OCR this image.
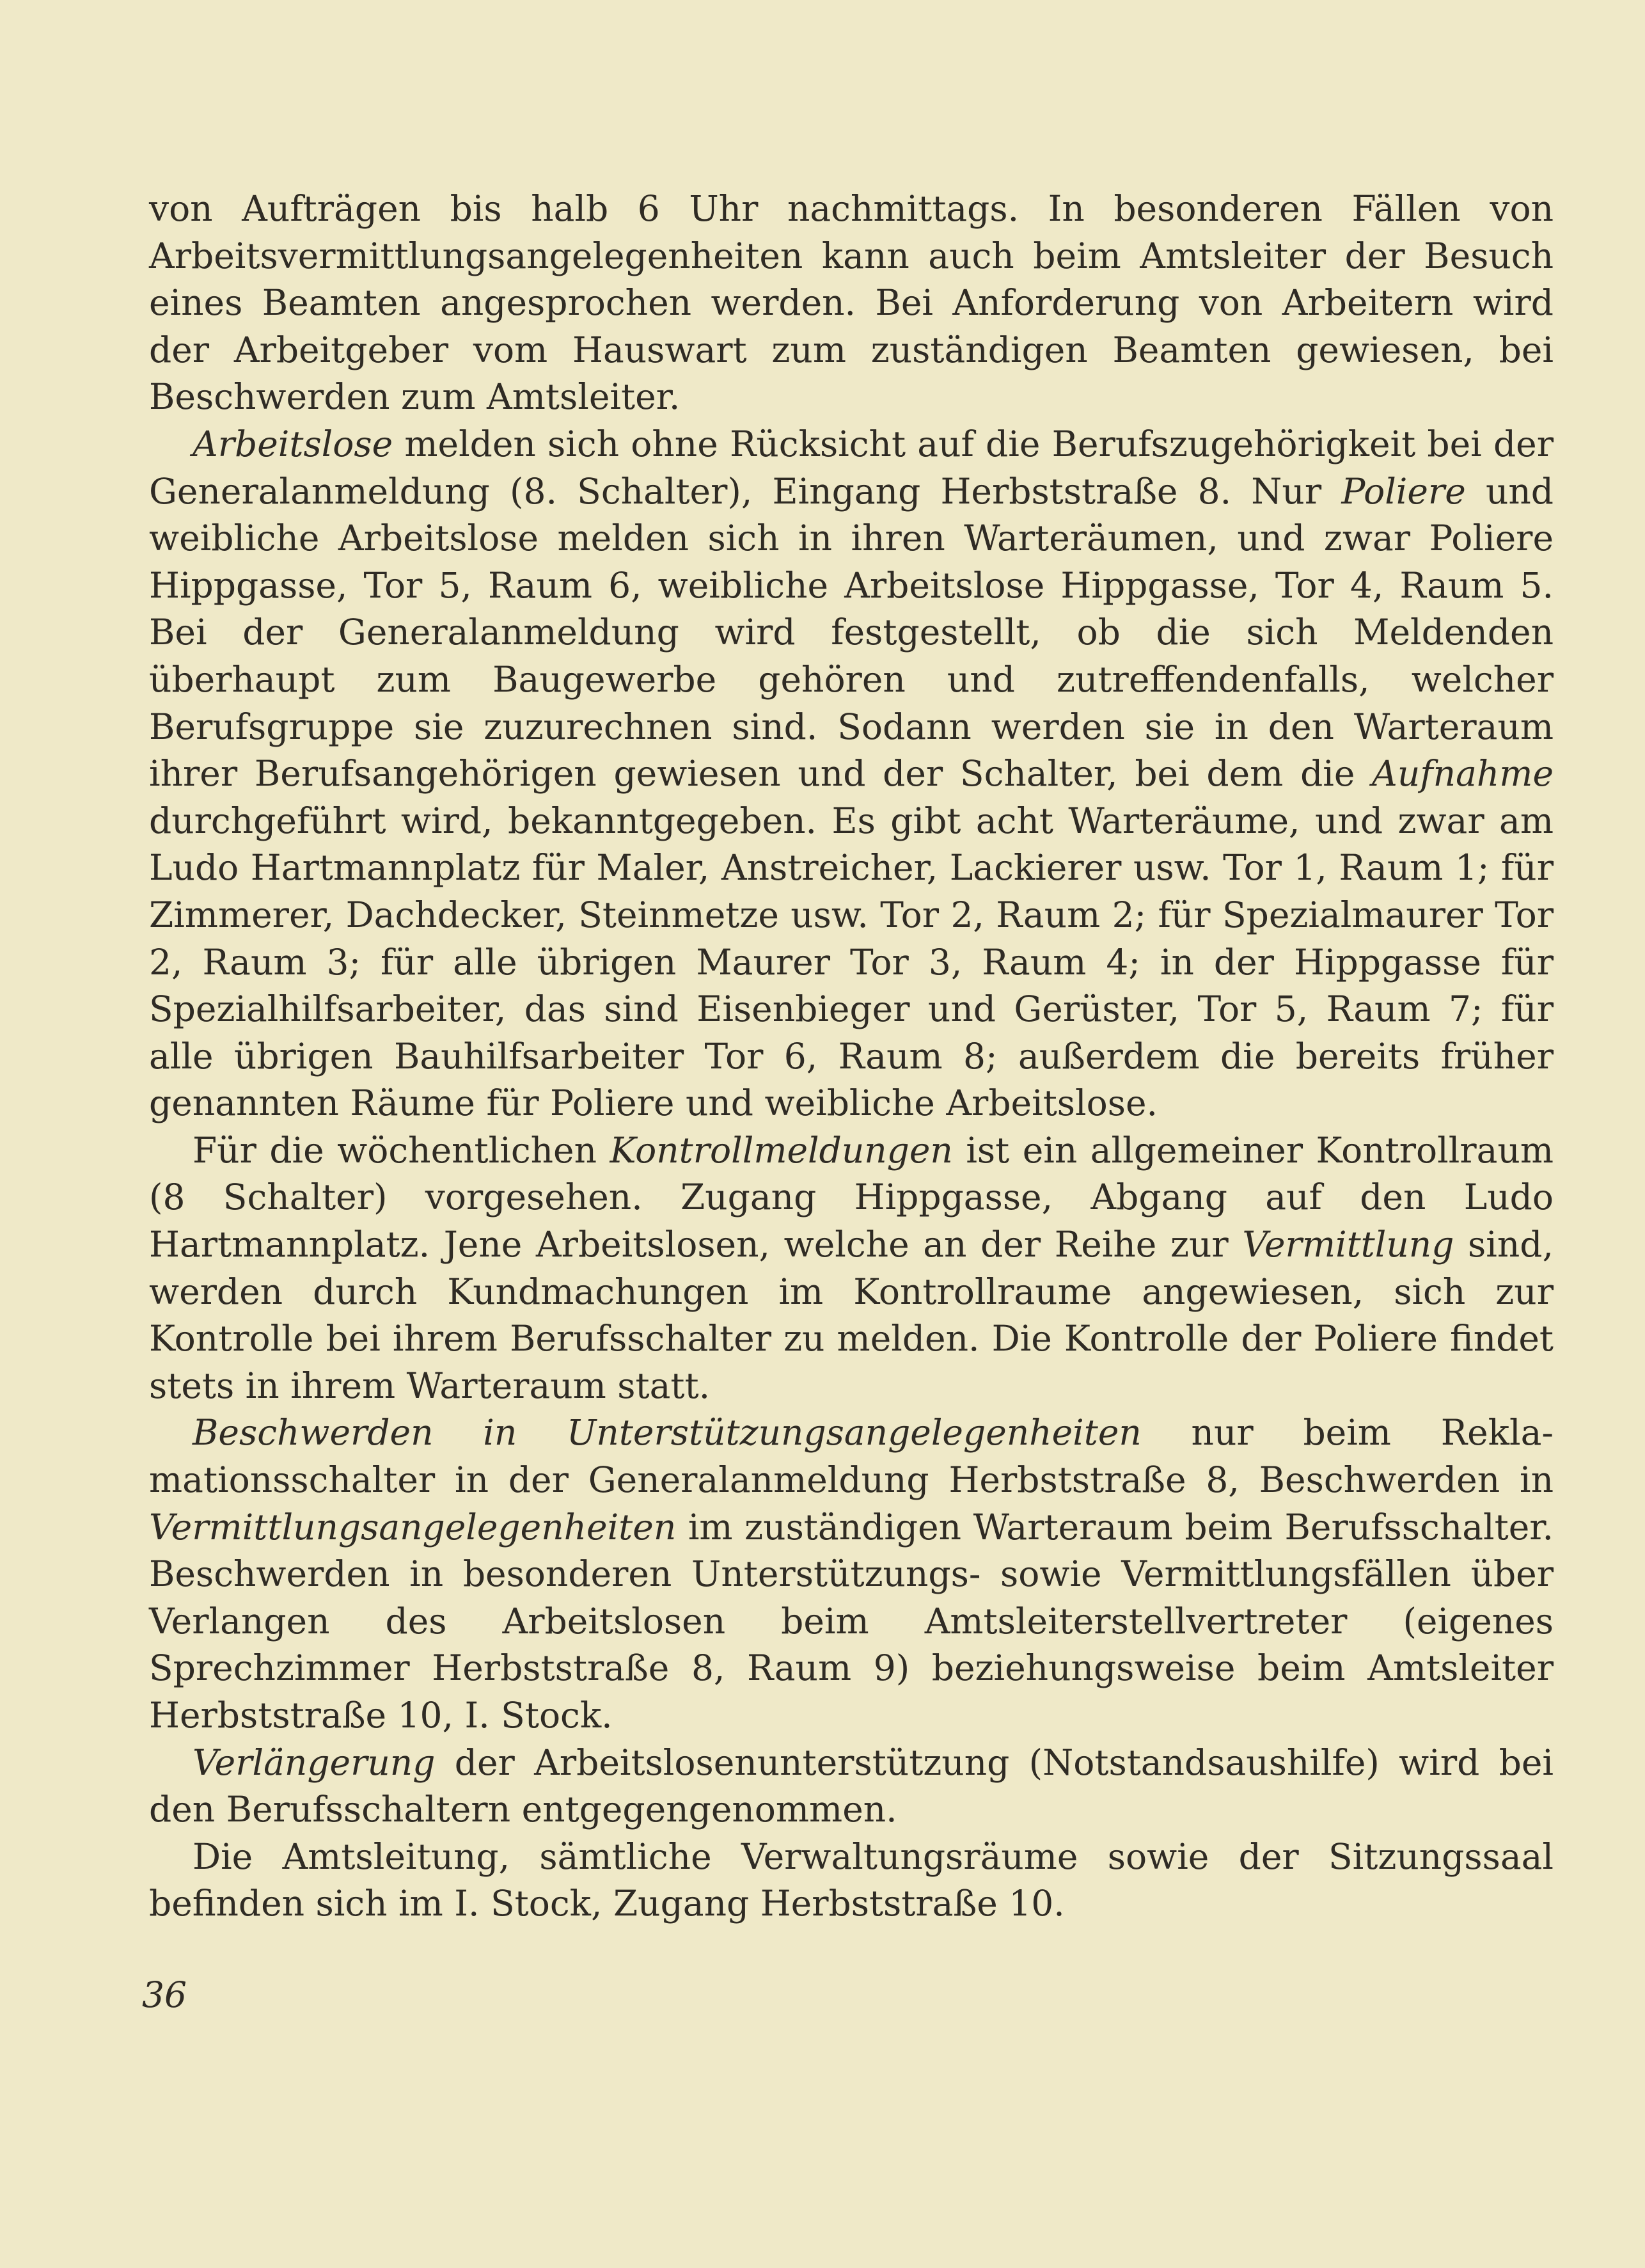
von Aufträgen bis halb 6 Uhr nachmittags. In besonderen Fällen von Arbeitsvermittlungsangelegenheiten kann auch beim Amtsleiter der Besuch eines Beamten angesprochen werden. Bei Anforderung von Arbeitern wird der Arbeitgeber vom Hauswart zum zuständigen Beamten gewiesen, bei Beschwerden zum Amtsleiter.

Arbeitslose melden sich ohne Rücksicht auf die Berufszugehörigkeit bei der Generalanmeldung (8. Schalter), Eingang Herbststraße 8. Nur Poliere und weibliche Arbeitslose melden sich in ihren Warteräumen, und zwar Poliere Hippgasse, Tor 5, Raum 6, weibliche Arbeitslose Hippgasse, Tor 4, Raum 5. Bei der Generalanmeldung wird festgestellt, ob die sich Meldenden überhaupt zum Baugewerbe gehören und zutreffendenfalls, welcher Berufsgruppe sie zuzurechnen sind. Sodann werden sie in den Warteraum ihrer Berufsangehörigen gewiesen und der Schalter, bei dem die Aufnahme durchgeführt wird, bekanntgegeben. Es gibt acht Warteräume, und zwar am Ludo Hartmannplatz für Maler, Anstreicher, Lackierer usw. Tor 1, Raum 1; für Zimmerer, Dachdecker, Steinmetze usw. Tor 2, Raum 2; für Spezialmaurer Tor 2, Raum 3; für alle übrigen Maurer Tor 3, Raum 4; in der Hippgasse für Spezialhilfsarbeiter, das sind Eisenbieger und Gerüster, Tor 5, Raum 7; für alle übrigen Bauhilfsarbeiter Tor 6, Raum 8; außerdem die bereits früher genannten Räume für Poliere und weibliche Arbeitslose.

Für die wöchentlichen Kontrollmeldungen ist ein allgemeiner Kontrollraum (8 Schalter) vorgesehen. Zugang Hippgasse, Abgang auf den Ludo Hartmannplatz. Jene Arbeitslosen, welche an der Reihe zur Vermittlung sind, werden durch Kundmachungen im Kontrollraume angewiesen, sich zur Kontrolle bei ihrem Berufsschalter zu melden. Die Kontrolle der Poliere findet stets in ihrem Warteraum statt.

Beschwerden in Unterstützungsangelegenheiten nur beim Reklamationsschalter in der Generalanmeldung Herbststraße 8, Beschwerden in Vermittlungsangelegenheiten im zuständigen Warteraum beim Berufsschalter. Beschwerden in besonderen Unterstützungs- sowie Vermittlungsfällen über Verlangen des Arbeitslosen beim Amtsleiterstellvertreter (eigenes Sprechzimmer Herbststraße 8, Raum 9) beziehungsweise beim Amtsleiter Herbststraße 10, I. Stock.

Verlängerung der Arbeitslosenunterstützung (Notstandsaushilfe) wird bei den Berufsschaltern entgegengenommen.

Die Amtsleitung, sämtliche Verwaltungsräume sowie der Sitzungssaal befinden sich im I. Stock, Zugang Herbststraße 10.

36
